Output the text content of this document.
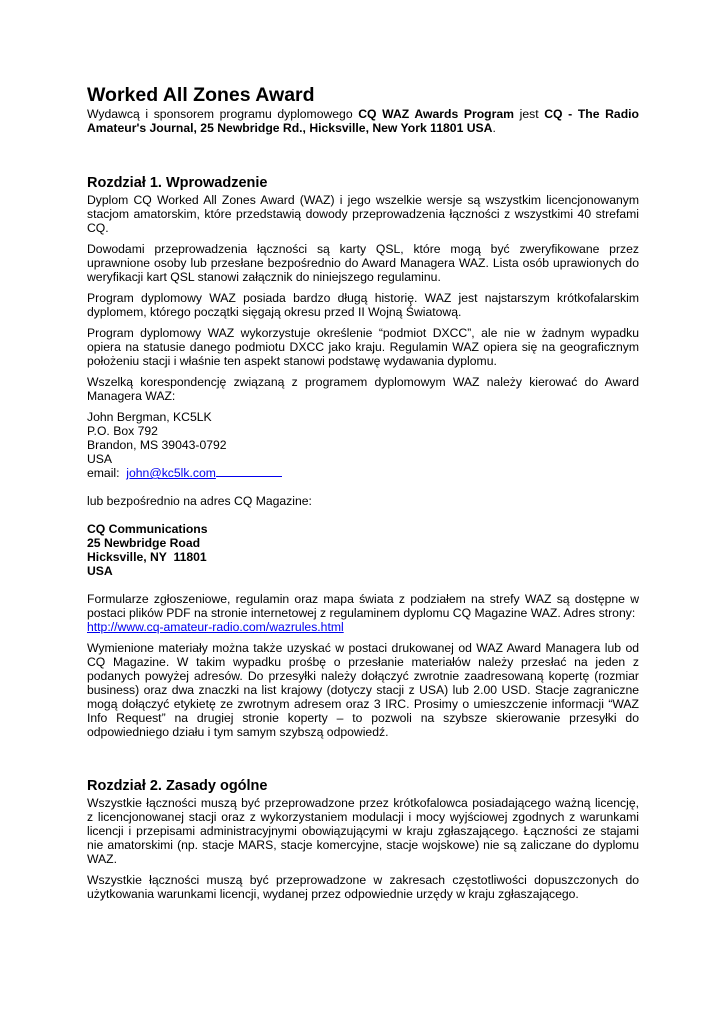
Worked All Zones Award

Wydawcą i sponsorem programu dyplomowego CQ WAZ Awards Program jest CQ - The Radio Amateur's Journal, 25 Newbridge Rd., Hicksville, New York 11801 USA.

Rozdział 1. Wprowadzenie

Dyplom CQ Worked All Zones Award (WAZ) i jego wszelkie wersje są wszystkim licencjonowanym stacjom amatorskim, które przedstawią dowody przeprowadzenia łączności z wszystkimi 40 strefami CQ.

Dowodami przeprowadzenia łączności są karty QSL, które mogą być zweryfikowane przez uprawnione osoby lub przesłane bezpośrednio do Award Managera WAZ. Lista osób uprawionych do weryfikacji kart QSL stanowi załącznik do niniejszego regulaminu.

Program dyplomowy WAZ posiada bardzo długą historię. WAZ jest najstarszym krótkofalarskim dyplomem, którego początki sięgają okresu przed II Wojną Światową.

Program dyplomowy WAZ wykorzystuje określenie “podmiot DXCC”, ale nie w żadnym wypadku opiera na statusie danego podmiotu DXCC jako kraju. Regulamin WAZ opiera się na geograficznym położeniu stacji i właśnie ten aspekt stanowi podstawę wydawania dyplomu.

Wszelką korespondencję związaną z programem dyplomowym WAZ należy kierować do Award Managera WAZ:

John Bergman, KC5LK
P.O. Box 792
Brandon, MS 39043-0792
USA
email:  john@kc5lk.com

lub bezpośrednio na adres CQ Magazine:

CQ Communications
25 Newbridge Road
Hicksville, NY  11801
USA

Formularze zgłoszeniowe, regulamin oraz mapa świata z podziałem na strefy WAZ są dostępne w postaci plików PDF na stronie internetowej z regulaminem dyplomu CQ Magazine WAZ. Adres strony:
http://www.cq-amateur-radio.com/wazrules.html

Wymienione materiały można także uzyskać w postaci drukowanej od WAZ Award Managera lub od CQ Magazine. W takim wypadku prośbę o przesłanie materiałów należy przesłać na jeden z podanych powyżej adresów. Do przesyłki należy dołączyć zwrotnie zaadresowaną kopertę (rozmiar business) oraz dwa znaczki na list krajowy (dotyczy stacji z USA) lub 2.00 USD. Stacje zagraniczne mogą dołączyć etykietę ze zwrotnym adresem oraz 3 IRC. Prosimy o umieszczenie informacji “WAZ Info Request” na drugiej stronie koperty – to pozwoli na szybsze skierowanie przesyłki do odpowiedniego działu i tym samym szybszą odpowiedź.

Rozdział 2. Zasady ogólne

Wszystkie łączności muszą być przeprowadzone przez krótkofalowca posiadającego ważną licencję, z licencjonowanej stacji oraz z wykorzystaniem modulacji i mocy wyjściowej zgodnych z warunkami licencji i przepisami administracyjnymi obowiązującymi w kraju zgłaszającego. Łączności ze stajami nie amatorskimi (np. stacje MARS, stacje komercyjne, stacje wojskowe) nie są zaliczane do dyplomu WAZ.

Wszystkie łączności muszą być przeprowadzone w zakresach częstotliwości dopuszczonych do użytkowania warunkami licencji, wydanej przez odpowiednie urzędy w kraju zgłaszającego.
